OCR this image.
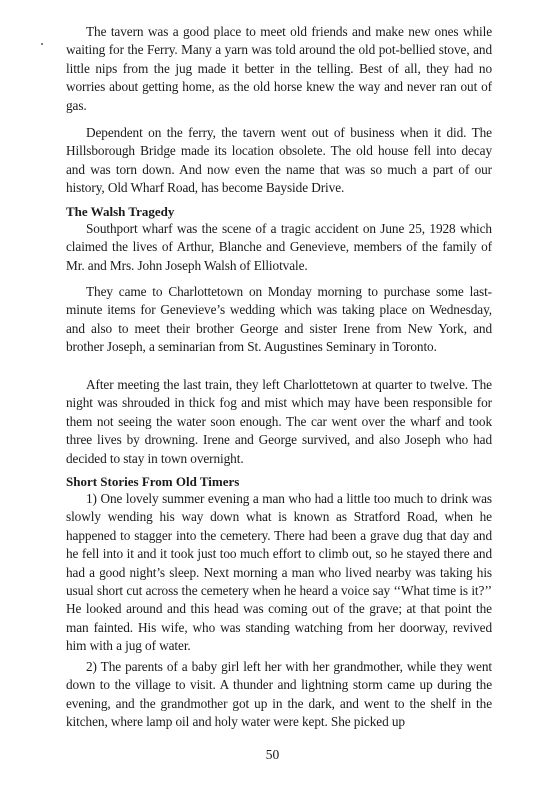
The tavern was a good place to meet old friends and make new ones while waiting for the Ferry. Many a yarn was told around the old pot-bellied stove, and little nips from the jug made it better in the telling. Best of all, they had no worries about getting home, as the old horse knew the way and never ran out of gas.

Dependent on the ferry, the tavern went out of business when it did. The Hillsborough Bridge made its location obsolete. The old house fell into decay and was torn down. And now even the name that was so much a part of our history, Old Wharf Road, has become Bayside Drive.

The Walsh Tragedy

Southport wharf was the scene of a tragic accident on June 25, 1928 which claimed the lives of Arthur, Blanche and Genevieve, members of the family of Mr. and Mrs. John Joseph Walsh of Elliotvale.

They came to Charlottetown on Monday morning to purchase some last-minute items for Genevieve’s wedding which was taking place on Wednesday, and also to meet their brother George and sister Irene from New York, and brother Joseph, a seminarian from St. Augustines Seminary in Toronto.

After meeting the last train, they left Charlottetown at quarter to twelve. The night was shrouded in thick fog and mist which may have been responsible for them not seeing the water soon enough. The car went over the wharf and took three lives by drowning. Irene and George survived, and also Joseph who had decided to stay in town overnight.

Short Stories From Old Timers

1) One lovely summer evening a man who had a little too much to drink was slowly wending his way down what is known as Stratford Road, when he happened to stagger into the cemetery. There had been a grave dug that day and he fell into it and it took just too much effort to climb out, so he stayed there and had a good night’s sleep. Next morning a man who lived nearby was taking his usual short cut across the cemetery when he heard a voice say ‘‘What time is it?’’ He looked around and this head was coming out of the grave; at that point the man fainted. His wife, who was standing watching from her doorway, revived him with a jug of water.

2) The parents of a baby girl left her with her grandmother, while they went down to the village to visit. A thunder and lightning storm came up during the evening, and the grandmother got up in the dark, and went to the shelf in the kitchen, where lamp oil and holy water were kept. She picked up

50
